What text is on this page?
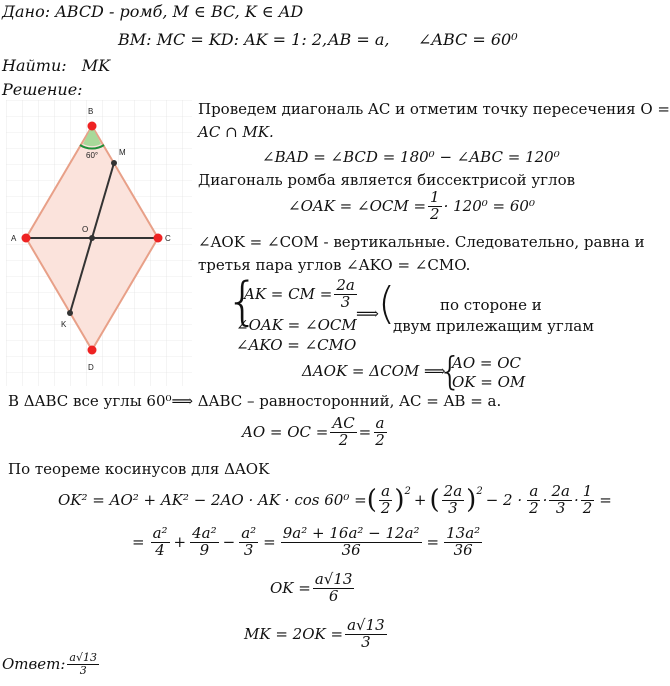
Дано: ABCD - ромб, M ∈ BC, K ∈ AD
BM: MC = KD: AK = 1: 2, AB = a, ∠ABC = 60⁰
Найти: MK
Решение:
B
M
A
O
C
K
D
60°
Проведем диагональ AC и отметим точку пересечения O =
AC ∩ MK.
∠BAD = ∠BCD = 180⁰ − ∠ABC = 120⁰
Диагональ ромба является биссектрисой углов
∠OAK = ∠OCM = $\frac{1}{2} \cdot 120^0 = 60^0$
∠AOK = ∠COM - вертикальные. Следовательно, равна и
третья пара углов ∠AKO = ∠CMO.
{
AK = CM = $\frac{2a}{3}$
∠OAK = ∠OCM
∠AKO = ∠CMO
⟹ (	по стороне и
двум прилежащим углам
ΔAOK = ΔCOM ⟹
{
AO = OC
OK = OM
В ΔABC все углы 60⁰⟹ ΔABC – равносторонний, AC = AB = a.
AO = OC = $\frac{AC}{2} = \frac{a}{2}$
По теореме косинусов для ΔAOK
OK² = AO² + AK² − 2AO · AK · cos 60⁰ = ( $\frac{a}{2} )^2$ + ( $\frac{2a}{3} )^2 - 2 \cdot \frac{a}{2} \cdot \frac{2a}{3} \cdot \frac{1}{2}$ =
= $\frac{\text{a²}}{4} + \frac{\text{4a²}}{9} - \frac{\text{a²}}{3} = \frac{\text{9a² + 16a² − 12a²}}{36} = \frac{\text{13a²}}{36}$
OK = $\frac{a√13}{6}$
MK = $2OK = \frac{a√13}{3}$
Ответ: $\frac{a√13}{3}$
